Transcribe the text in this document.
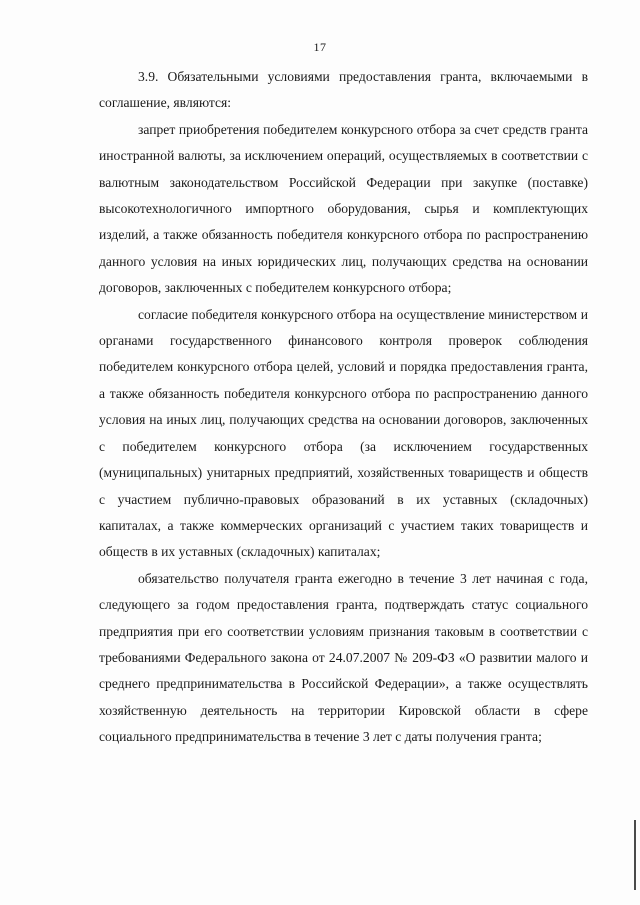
17

3.9. Обязательными условиями предоставления гранта, включаемыми в соглашение, являются:

запрет приобретения победителем конкурсного отбора за счет средств гранта иностранной валюты, за исключением операций, осуществляемых в соответствии с валютным законодательством Российской Федерации при закупке (поставке) высокотехнологичного импортного оборудования, сырья и комплектующих изделий, а также обязанность победителя конкурсного отбора по распространению данного условия на иных юридических лиц, получающих средства на основании договоров, заключенных с победителем конкурсного отбора;

согласие победителя конкурсного отбора на осуществление министерством и органами государственного финансового контроля проверок соблюдения победителем конкурсного отбора целей, условий и порядка предоставления гранта, а также обязанность победителя конкурсного отбора по распространению данного условия на иных лиц, получающих средства на основании договоров, заключенных с победителем конкурсного отбора (за исключением государственных (муниципальных) унитарных предприятий, хозяйственных товариществ и обществ с участием публично-правовых образований в их уставных (складочных) капиталах, а также коммерческих организаций с участием таких товариществ и обществ в их уставных (складочных) капиталах;

обязательство получателя гранта ежегодно в течение 3 лет начиная с года, следующего за годом предоставления гранта, подтверждать статус социального предприятия при его соответствии условиям признания таковым в соответствии с требованиями Федерального закона от 24.07.2007 № 209-ФЗ «О развитии малого и среднего предпринимательства в Российской Федерации», а также осуществлять хозяйственную деятельность на территории Кировской области в сфере социального предпринимательства в течение 3 лет с даты получения гранта;
